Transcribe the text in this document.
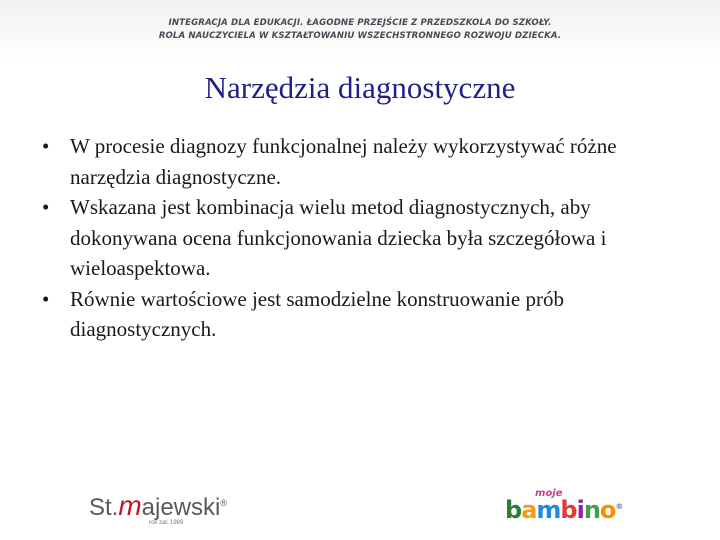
INTEGRACJA DLA EDUKACJI. ŁAGODNE PRZEJŚCIE Z PRZEDSZKOLA DO SZKOŁY.
ROLA NAUCZYCIELA W KSZTAŁTOWANIU WSZECHSTRONNEGO ROZWOJU DZIECKA.
Narzędzia diagnostyczne
• W procesie diagnozy funkcjonalnej należy wykorzystywać różne narzędzia diagnostyczne.
• Wskazana jest kombinacja wielu metod diagnostycznych, aby dokonywana ocena funkcjonowania dziecka była szczegółowa i wieloaspektowa.
• Równie wartościowe jest samodzielne konstruowanie prób diagnostycznych.
St.majewski®
rok zał. 1989
moje
bambino®
